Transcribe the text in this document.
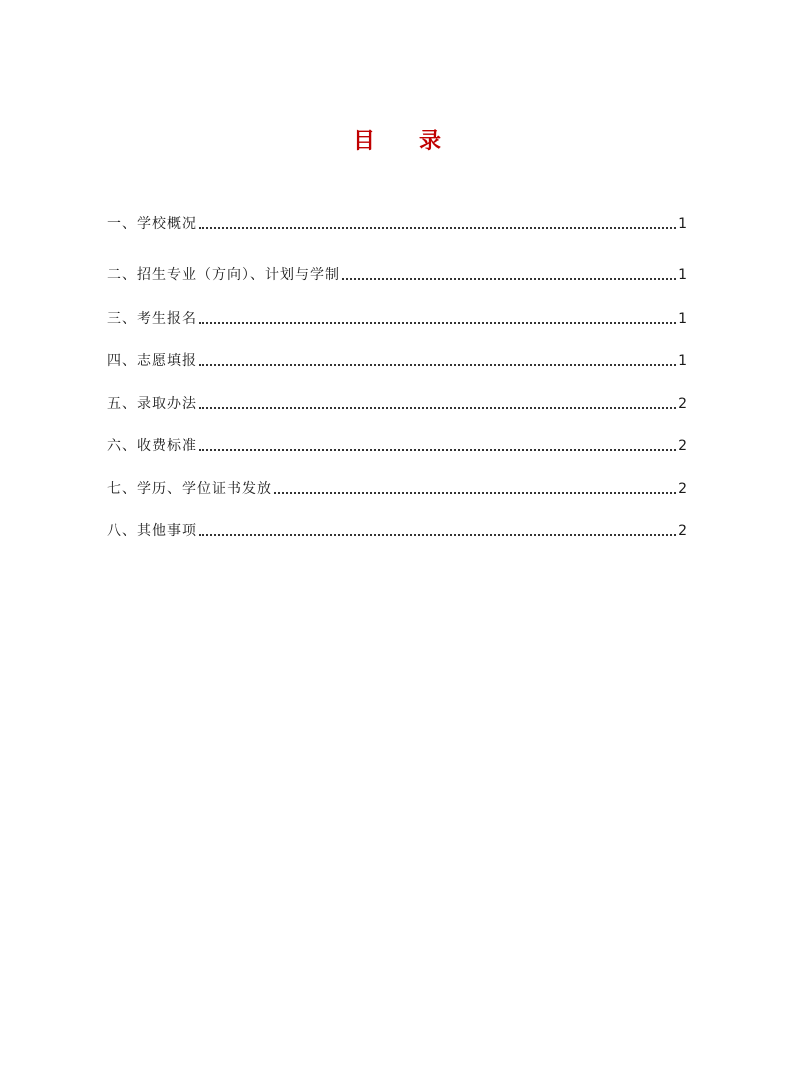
目 录
一、学校概况	1
二、招生专业（方向）、计划与学制	1
三、考生报名	1
四、志愿填报	1
五、录取办法	2
六、收费标准	2
七、学历、学位证书发放	2
八、其他事项	2
